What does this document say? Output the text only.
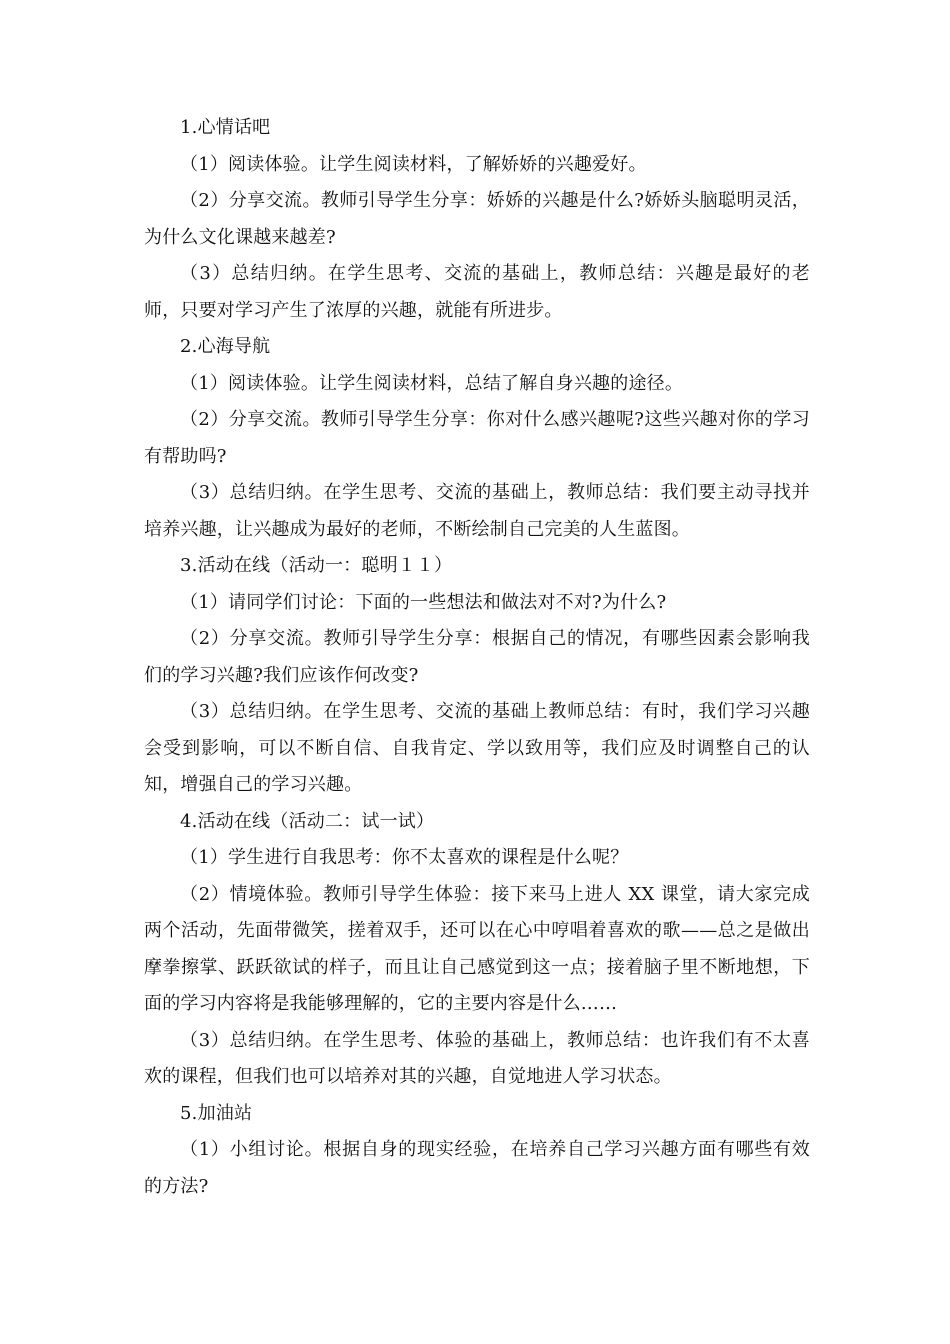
1.心情话吧

（1）阅读体验。让学生阅读材料，了解娇娇的兴趣爱好。

（2）分享交流。教师引导学生分享：娇娇的兴趣是什么?娇娇头脑聪明灵活，为什么文化课越来越差?

（3）总结归纳。在学生思考、交流的基础上，教师总结：兴趣是最好的老师，只要对学习产生了浓厚的兴趣，就能有所进步。

2.心海导航

（1）阅读体验。让学生阅读材料，总结了解自身兴趣的途径。

（2）分享交流。教师引导学生分享：你对什么感兴趣呢?这些兴趣对你的学习有帮助吗?

（3）总结归纳。在学生思考、交流的基础上，教师总结：我们要主动寻找并培养兴趣，让兴趣成为最好的老师，不断绘制自己完美的人生蓝图。

3.活动在线（活动一：聪明１１）

（1）请同学们讨论：下面的一些想法和做法对不对?为什么?

（2）分享交流。教师引导学生分享：根据自己的情况，有哪些因素会影响我们的学习兴趣?我们应该作何改变?

（3）总结归纳。在学生思考、交流的基础上教师总结：有时，我们学习兴趣会受到影响，可以不断自信、自我肯定、学以致用等，我们应及时调整自己的认知，增强自己的学习兴趣。

4.活动在线（活动二：试一试）

（1）学生进行自我思考：你不太喜欢的课程是什么呢？

（2）情境体验。教师引导学生体验：接下来马上进人 XX 课堂，请大家完成两个活动，先面带微笑，搓着双手，还可以在心中哼唱着喜欢的歌——总之是做出摩拳擦掌、跃跃欲试的样子，而且让自己感觉到这一点；接着脑子里不断地想，下面的学习内容将是我能够理解的，它的主要内容是什么……

（3）总结归纳。在学生思考、体验的基础上，教师总结：也许我们有不太喜欢的课程，但我们也可以培养对其的兴趣，自觉地进人学习状态。

5.加油站

（1）小组讨论。根据自身的现实经验，在培养自己学习兴趣方面有哪些有效的方法?
